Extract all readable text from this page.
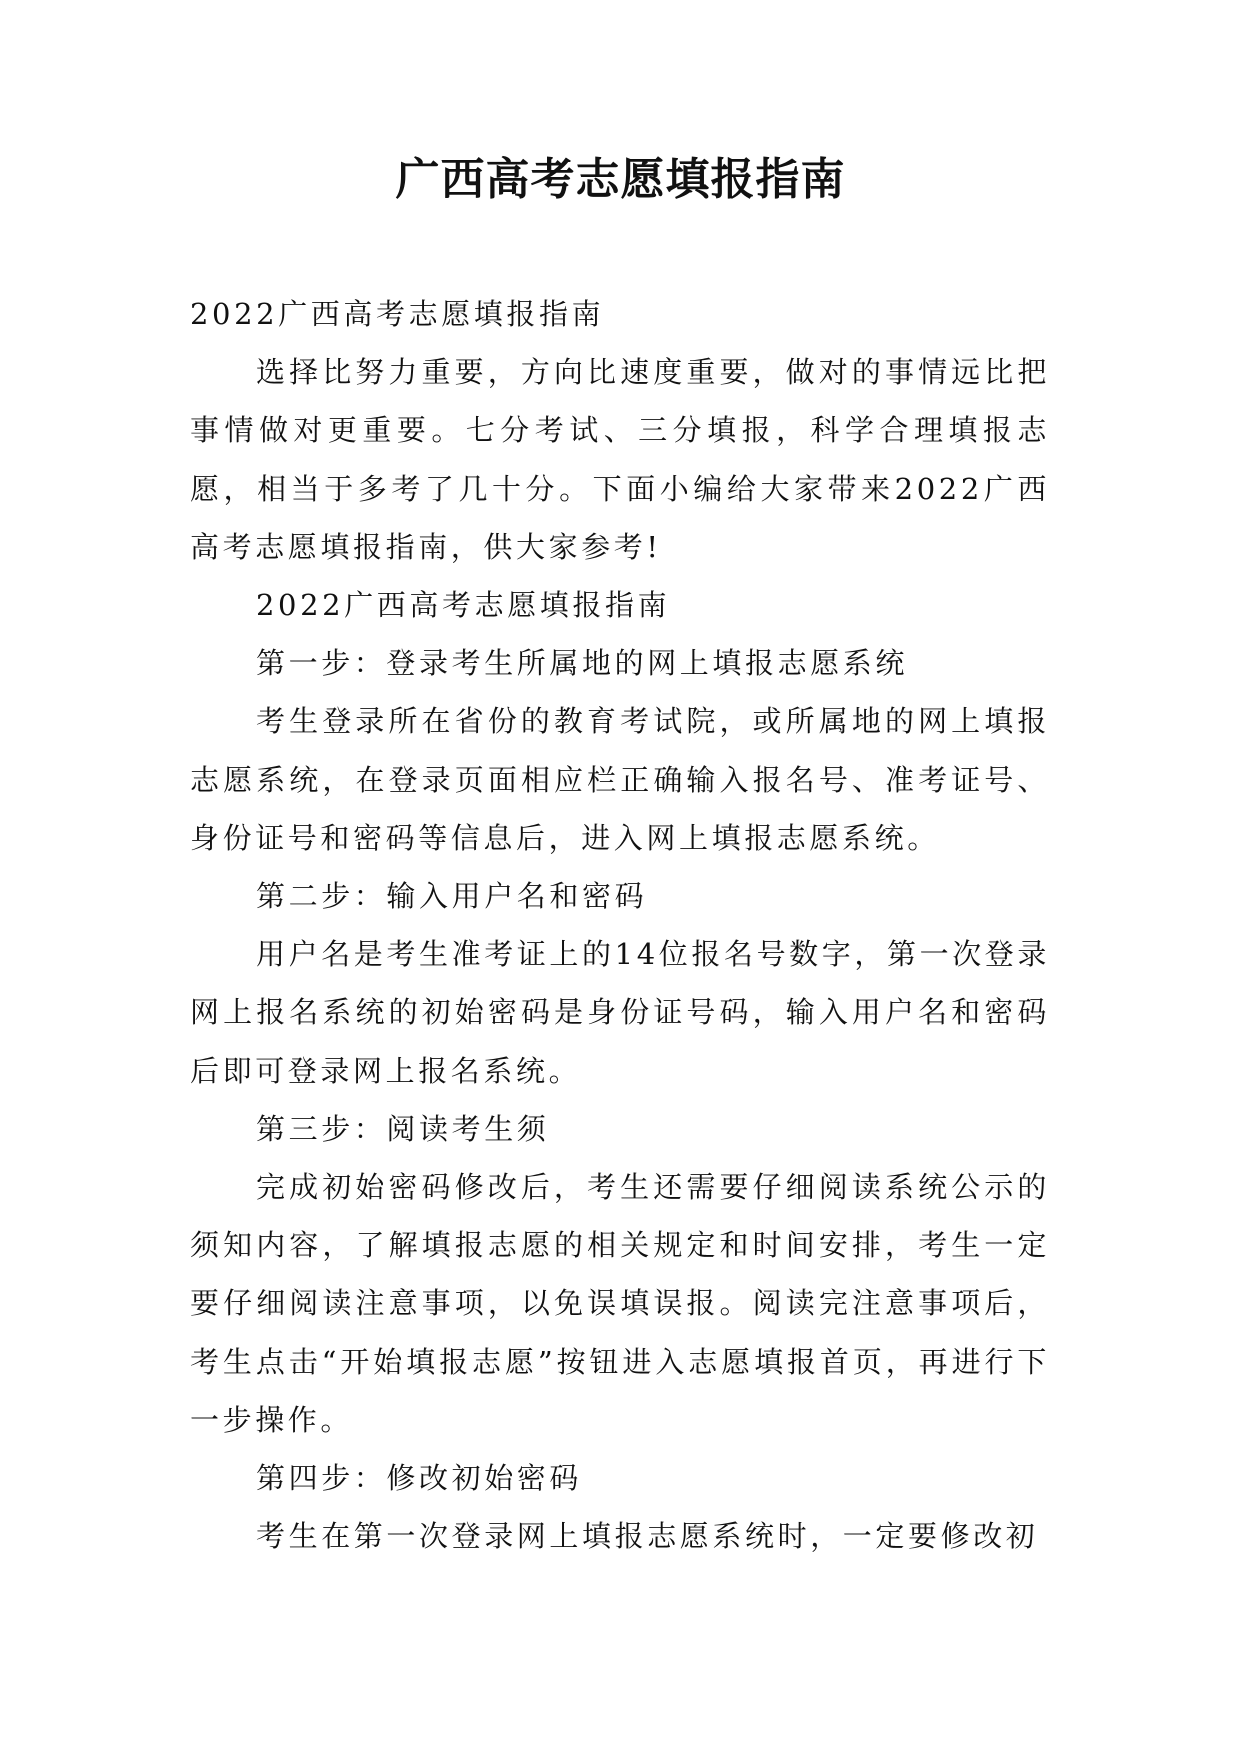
广西高考志愿填报指南

2022广西高考志愿填报指南

选择比努力重要，方向比速度重要，做对的事情远比把事情做对更重要。七分考试、三分填报，科学合理填报志愿，相当于多考了几十分。下面小编给大家带来2022广西高考志愿填报指南，供大家参考!

2022广西高考志愿填报指南

第一步：登录考生所属地的网上填报志愿系统

考生登录所在省份的教育考试院，或所属地的网上填报志愿系统，在登录页面相应栏正确输入报名号、准考证号、身份证号和密码等信息后，进入网上填报志愿系统。

第二步：输入用户名和密码

用户名是考生准考证上的14位报名号数字，第一次登录网上报名系统的初始密码是身份证号码，输入用户名和密码后即可登录网上报名系统。

第三步：阅读考生须

完成初始密码修改后，考生还需要仔细阅读系统公示的须知内容，了解填报志愿的相关规定和时间安排，考生一定要仔细阅读注意事项，以免误填误报。阅读完注意事项后，考生点击“开始填报志愿”按钮进入志愿填报首页，再进行下一步操作。

第四步：修改初始密码

考生在第一次登录网上填报志愿系统时，一定要修改初
